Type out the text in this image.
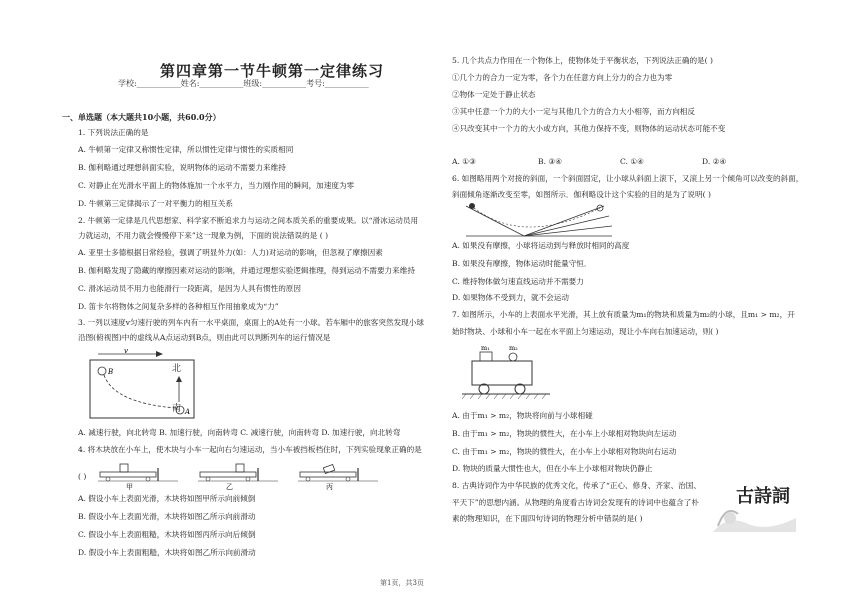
第四章第一节牛顿第一定律练习
学校:___________姓名:___________班级:___________考号:___________
一、单选题（本大题共10小题，共60.0分）
1. 下列说法正确的是
A. 牛顿第一定律又称惯性定律，所以惯性定律与惯性的实质相同
B. 伽利略通过理想斜面实验，说明物体的运动不需要力来维持
C. 对静止在光滑水平面上的物体施加一个水平力，当力刚作用的瞬间，加速度为零
D. 牛顿第三定律揭示了一对平衡力的相互关系
2. 牛顿第一定律是几代思想家、科学家不断追求力与运动之间本质关系的重要成果。以“滑冰运动员用
力就运动，不用力就会慢慢停下来”这一现象为例，下面的说法错误的是 ( )
A. 亚里士多德根据日常经验，强调了明显外力(如：人力)对运动的影响，但忽视了摩擦因素
B. 伽利略发现了隐藏的摩擦因素对运动的影响，并通过理想实验逻辑推理，得到运动不需要力来维持
C. 滑冰运动员不用力也能滑行一段距离，是因为人具有惯性的原因
D. 笛卡尔将物体之间复杂多样的各种相互作用抽象成为“力”
3. 一列以速度v匀速行驶的列车内有一水平桌面，桌面上的A处有一小球。若车厢中的旅客突然发现小球
沿图(俯视图)中的虚线从A点运动到B点，则由此可以判断列车的运行情况是
v
B
A
北
南
A. 减速行驶，向北转弯 B. 加速行驶，向南转弯 C. 减速行驶，向南转弯 D. 加速行驶，向北转弯
4. 将木块放在小车上，使木块与小车一起向右匀速运动，当小车被挡板档住时，下列实验现象正确的是
( )
甲	乙	丙
A. 假设小车上表面光滑，木块将如图甲所示向前倾倒
B. 假设小车上表面光滑，木块将如图乙所示向前滑动
C. 假设小车上表面粗糙，木块将如图丙所示向后倾倒
D. 假设小车上表面粗糙，木块将如图乙所示向前滑动
5. 几个共点力作用在一个物体上，使物体处于平衡状态，下列说法正确的是( )
①几个力的合力一定为零，各个力在任意方向上分力的合力也为零
②物体一定处于静止状态
③其中任意一个力的大小一定与其他几个力的合力大小相等，而方向相反
④只改变其中一个力的大小或方向，其他力保持不变，则物体的运动状态可能不变
A. ①③	B. ③④	C. ①④	D. ②④
6. 如图略用两个对接的斜面，一个斜面固定，让小球从斜面上滚下，又滚上另一个倾角可以改变的斜面，
斜面倾角逐渐改变至零，如图所示．伽利略设计这个实验的目的是为了说明( )
A. 如果没有摩擦，小球将运动到与释放时相同的高度
B. 如果没有摩擦，物体运动时能量守恒．
C. 维持物体做匀速直线运动并不需要力
D. 如果物体不受到力，就不会运动
7. 如图所示，小车的上表面水平光滑，其上放有质量为m₁的物块和质量为m₂的小球，且m₁ > m₂，开
始时物块、小球和小车一起在水平面上匀速运动，现让小车向右加速运动，则( )
m₁	m₂
A. 由于m₁ > m₂，物块将向前与小球相碰
B. 由于m₁ > m₂，物块的惯性大，在小车上小球相对物块向左运动
C. 由于m₁ > m₂，物块的惯性大，在小车上小球相对物块向右运动
D. 物块的质量大惯性也大，但在小车上小球相对物块仍静止
8. 古典诗词作为中华民族的优秀文化，传承了“正心、修身、齐家、治国、
平天下”的思想内涵。从物理的角度看古诗词会发现有的诗词中也蕴含了朴
素的物理知识，在下面四句诗词的物理分析中错误的是( )
古詩詞
第1页，共3页
